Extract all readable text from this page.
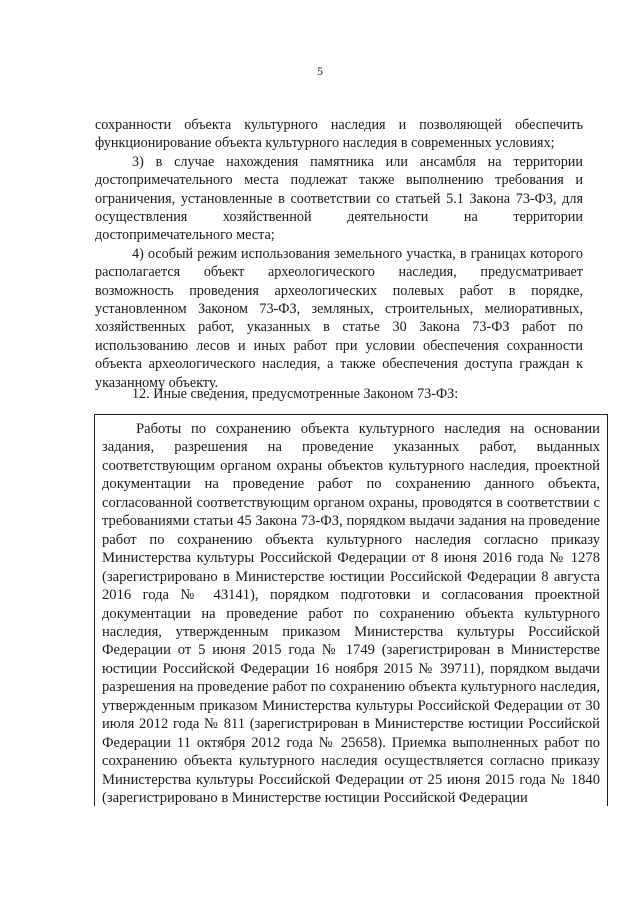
5

сохранности объекта культурного наследия и позволяющей обеспечить функционирование объекта культурного наследия в современных условиях;

3) в случае нахождения памятника или ансамбля на территории достопримечательного места подлежат также выполнению требования и ограничения, установленные в соответствии со статьей 5.1 Закона 73-ФЗ, для осуществления хозяйственной деятельности на территории достопримечательного места;

4) особый режим использования земельного участка, в границах которого располагается объект археологического наследия, предусматривает возможность проведения археологических полевых работ в порядке, установленном Законом 73-ФЗ, земляных, строительных, мелиоративных, хозяйственных работ, указанных в статье 30 Закона 73-ФЗ работ по использованию лесов и иных работ при условии обеспечения сохранности объекта археологического наследия, а также обеспечения доступа граждан к указанному объекту.

12. Иные сведения, предусмотренные Законом 73-ФЗ:

Работы по сохранению объекта культурного наследия на основании задания, разрешения на проведение указанных работ, выданных соответствующим органом охраны объектов культурного наследия, проектной документации на проведение работ по сохранению данного объекта, согласованной соответствующим органом охраны, проводятся в соответствии с требованиями статьи 45 Закона 73-ФЗ, порядком выдачи задания на проведение работ по сохранению объекта культурного наследия согласно приказу Министерства культуры Российской Федерации от 8 июня 2016 года № 1278 (зарегистрировано в Министерстве юстиции Российской Федерации 8 августа 2016 года № 43141), порядком подготовки и согласования проектной документации на проведение работ по сохранению объекта культурного наследия, утвержденным приказом Министерства культуры Российской Федерации от 5 июня 2015 года № 1749 (зарегистрирован в Министерстве юстиции Российской Федерации 16 ноября 2015 № 39711), порядком выдачи разрешения на проведение работ по сохранению объекта культурного наследия, утвержденным приказом Министерства культуры Российской Федерации от 30 июля 2012 года № 811 (зарегистрирован в Министерстве юстиции Российской Федерации 11 октября 2012 года № 25658). Приемка выполненных работ по сохранению объекта культурного наследия осуществляется согласно приказу Министерства культуры Российской Федерации от 25 июня 2015 года № 1840 (зарегистрировано в Министерстве юстиции Российской Федерации
